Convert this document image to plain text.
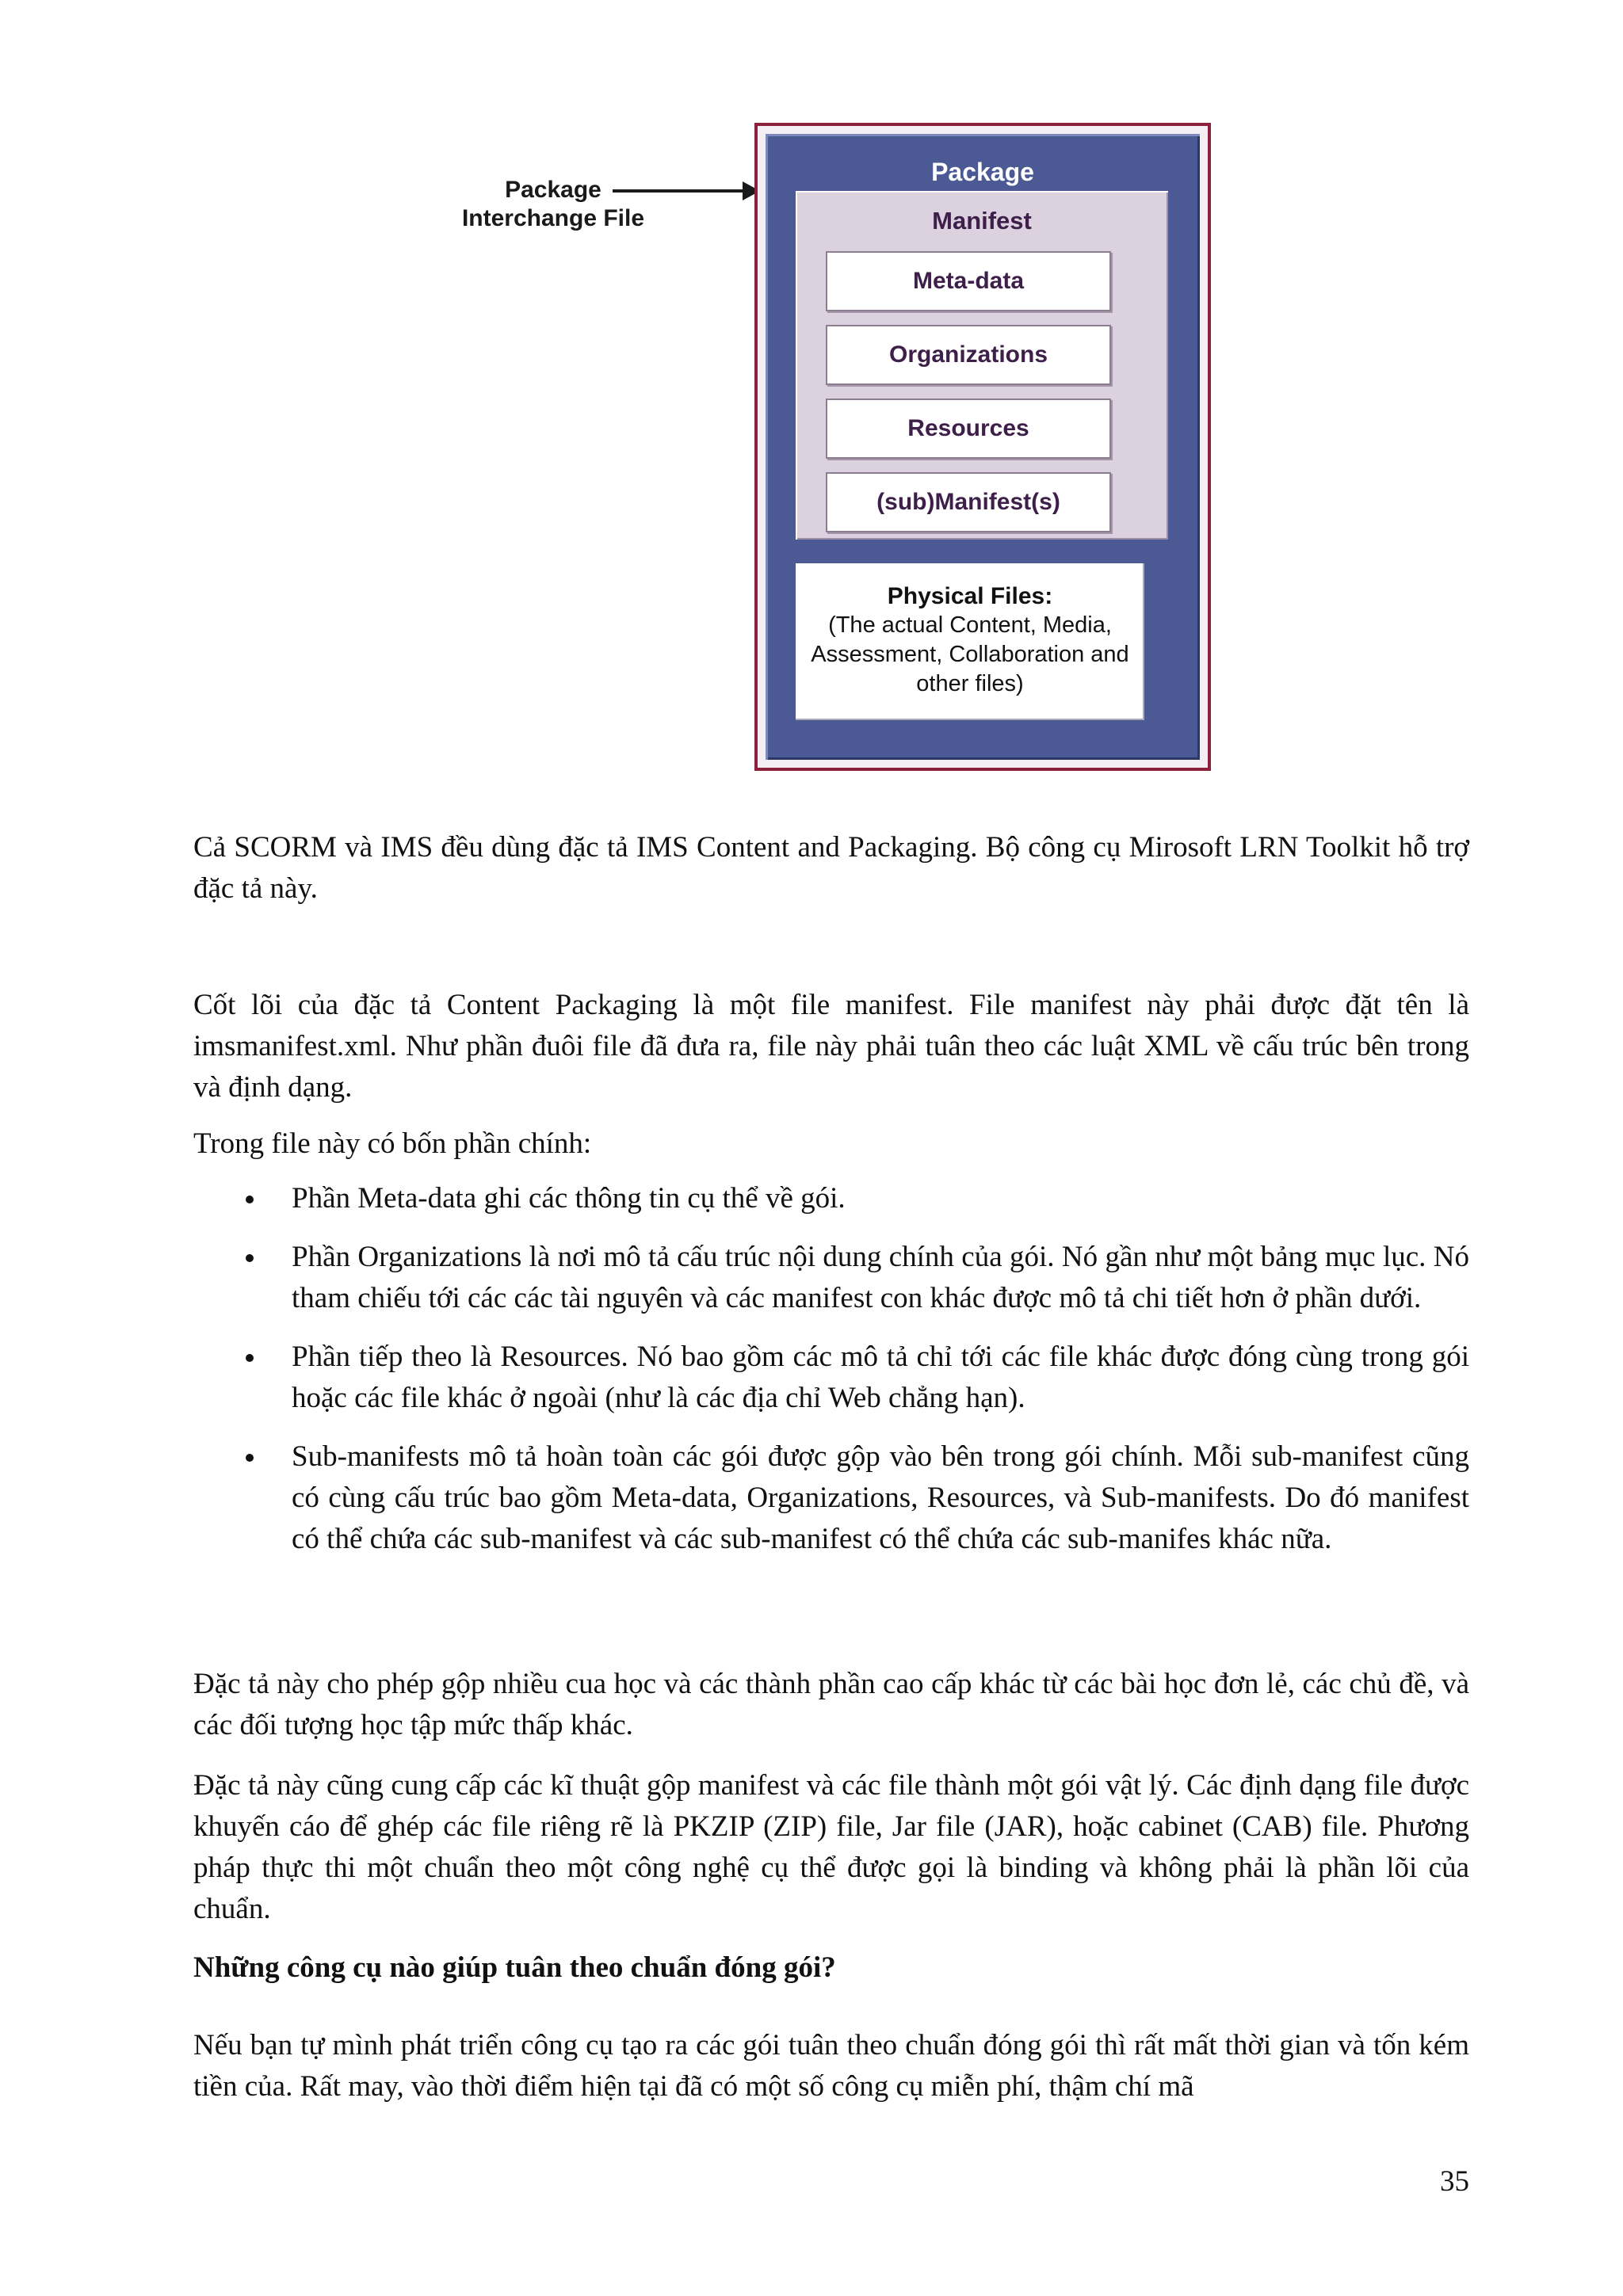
Package
Interchange File
Package
Manifest
Meta-data
Organizations
Resources
(sub)Manifest(s)
Physical Files:
(The actual Content, Media, Assessment, Collaboration and other files)

Cả SCORM và IMS đều dùng đặc tả IMS Content and Packaging. Bộ công cụ Mirosoft LRN Toolkit hỗ trợ đặc tả này.

Cốt lõi của đặc tả Content Packaging là một file manifest. File manifest này phải được đặt tên là imsmanifest.xml. Như phần đuôi file đã đưa ra, file này phải tuân theo các luật XML về cấu trúc bên trong và định dạng.

Trong file này có bốn phần chính:

Phần Meta-data ghi các thông tin cụ thể về gói.
Phần Organizations là nơi mô tả cấu trúc nội dung chính của gói. Nó gần như một bảng mục lục. Nó tham chiếu tới các các tài nguyên và các manifest con khác được mô tả chi tiết hơn ở phần dưới.
Phần tiếp theo là Resources. Nó bao gồm các mô tả chỉ tới các file khác được đóng cùng trong gói hoặc các file khác ở ngoài (như là các địa chỉ Web chẳng hạn).
Sub-manifests mô tả hoàn toàn các gói được gộp vào bên trong gói chính. Mỗi sub-manifest cũng có cùng cấu trúc bao gồm Meta-data, Organizations, Resources, và Sub-manifests. Do đó manifest có thể chứa các sub-manifest và các sub-manifest có thể chứa các sub-manifes khác nữa.

Đặc tả này cho phép gộp nhiều cua học và các thành phần cao cấp khác từ các bài học đơn lẻ, các chủ đề, và các đối tượng học tập mức thấp khác.

Đặc tả này cũng cung cấp các kĩ thuật gộp manifest và các file thành một gói vật lý. Các định dạng file được khuyến cáo để ghép các file riêng rẽ là PKZIP (ZIP) file, Jar file (JAR), hoặc cabinet (CAB) file. Phương pháp thực thi một chuẩn theo một công nghệ cụ thể được gọi là binding và không phải là phần lõi của chuẩn.

Những công cụ nào giúp tuân theo chuẩn đóng gói?

Nếu bạn tự mình phát triển công cụ tạo ra các gói tuân theo chuẩn đóng gói thì rất mất thời gian và tốn kém tiền của. Rất may, vào thời điểm hiện tại đã có một số công cụ miễn phí, thậm chí mã

35
